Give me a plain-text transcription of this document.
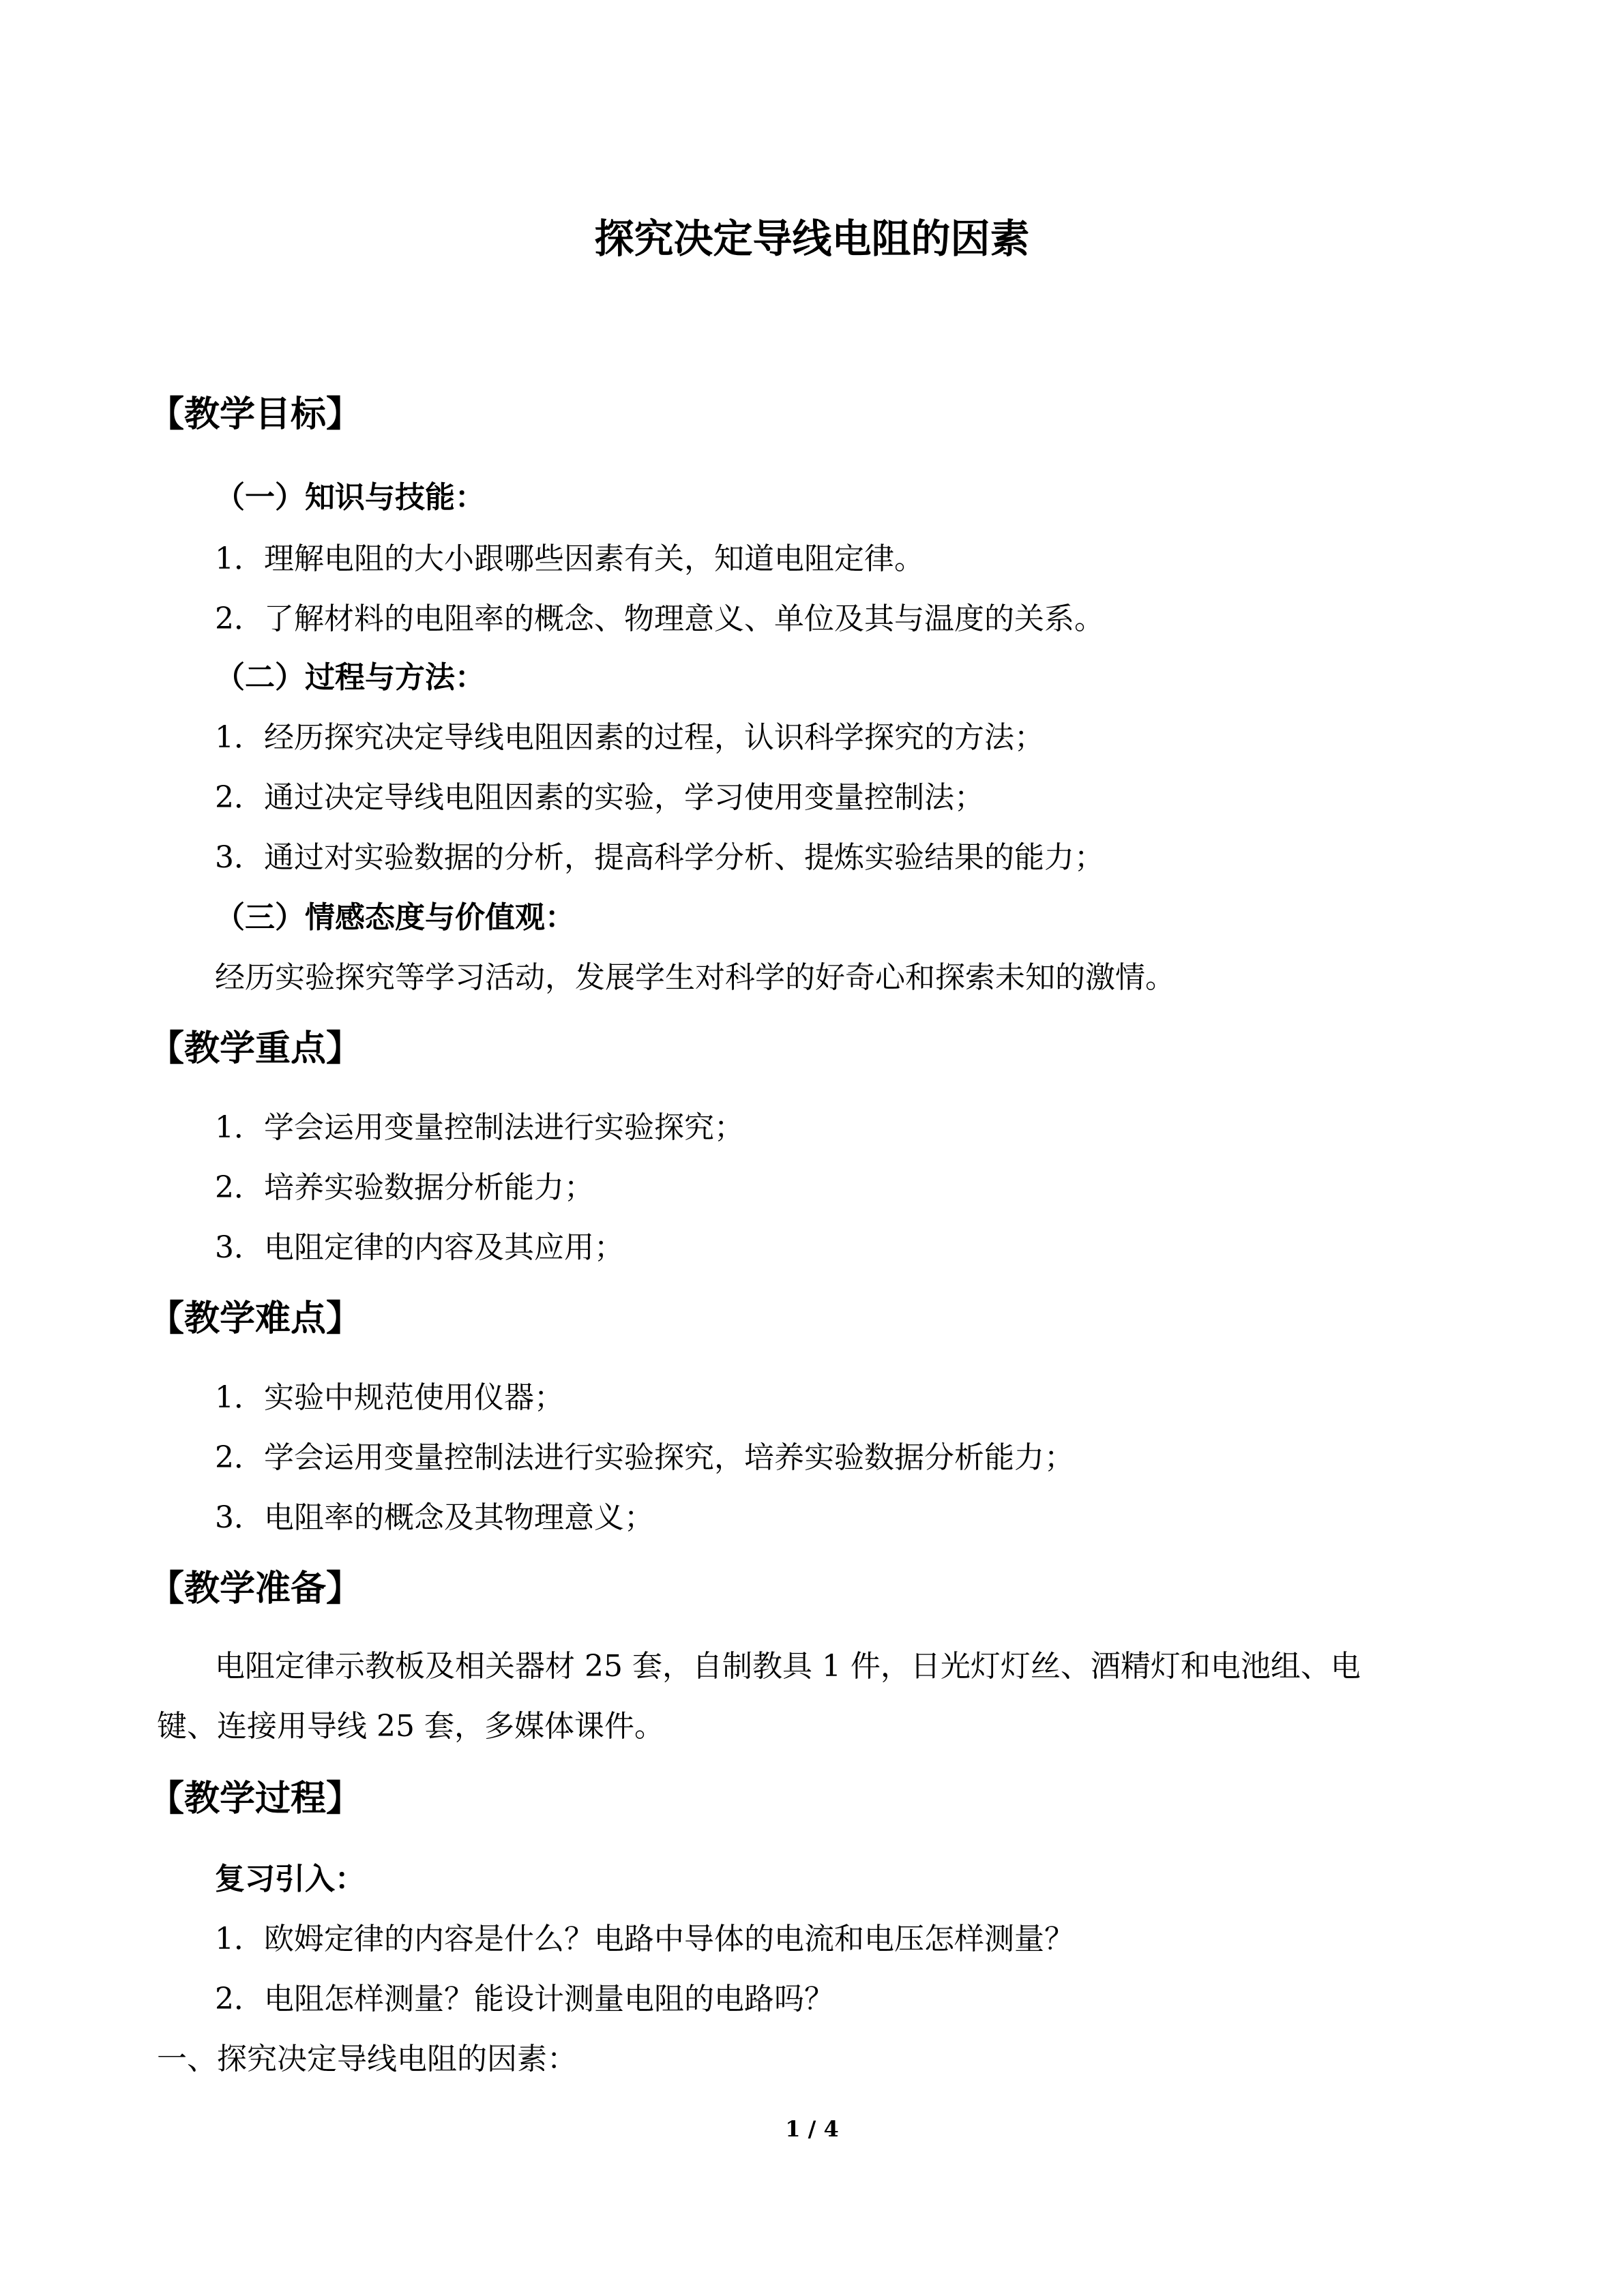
探究决定导线电阻的因素
【教学目标】
（一）知识与技能：
1．理解电阻的大小跟哪些因素有关，知道电阻定律。
2．了解材料的电阻率的概念、物理意义、单位及其与温度的关系。
（二）过程与方法：
1．经历探究决定导线电阻因素的过程，认识科学探究的方法；
2．通过决定导线电阻因素的实验，学习使用变量控制法；
3．通过对实验数据的分析，提高科学分析、提炼实验结果的能力；
（三）情感态度与价值观：
经历实验探究等学习活动，发展学生对科学的好奇心和探索未知的激情。
【教学重点】
1．学会运用变量控制法进行实验探究；
2．培养实验数据分析能力；
3．电阻定律的内容及其应用；
【教学难点】
1．实验中规范使用仪器；
2．学会运用变量控制法进行实验探究，培养实验数据分析能力；
3．电阻率的概念及其物理意义；
【教学准备】
电阻定律示教板及相关器材 25 套，自制教具 1 件，日光灯灯丝、酒精灯和电池组、电
键、连接用导线 25 套，多媒体课件。
【教学过程】
复习引入：
1．欧姆定律的内容是什么？电路中导体的电流和电压怎样测量？
2．电阻怎样测量？能设计测量电阻的电路吗？
一、探究决定导线电阻的因素：
1 / 4
